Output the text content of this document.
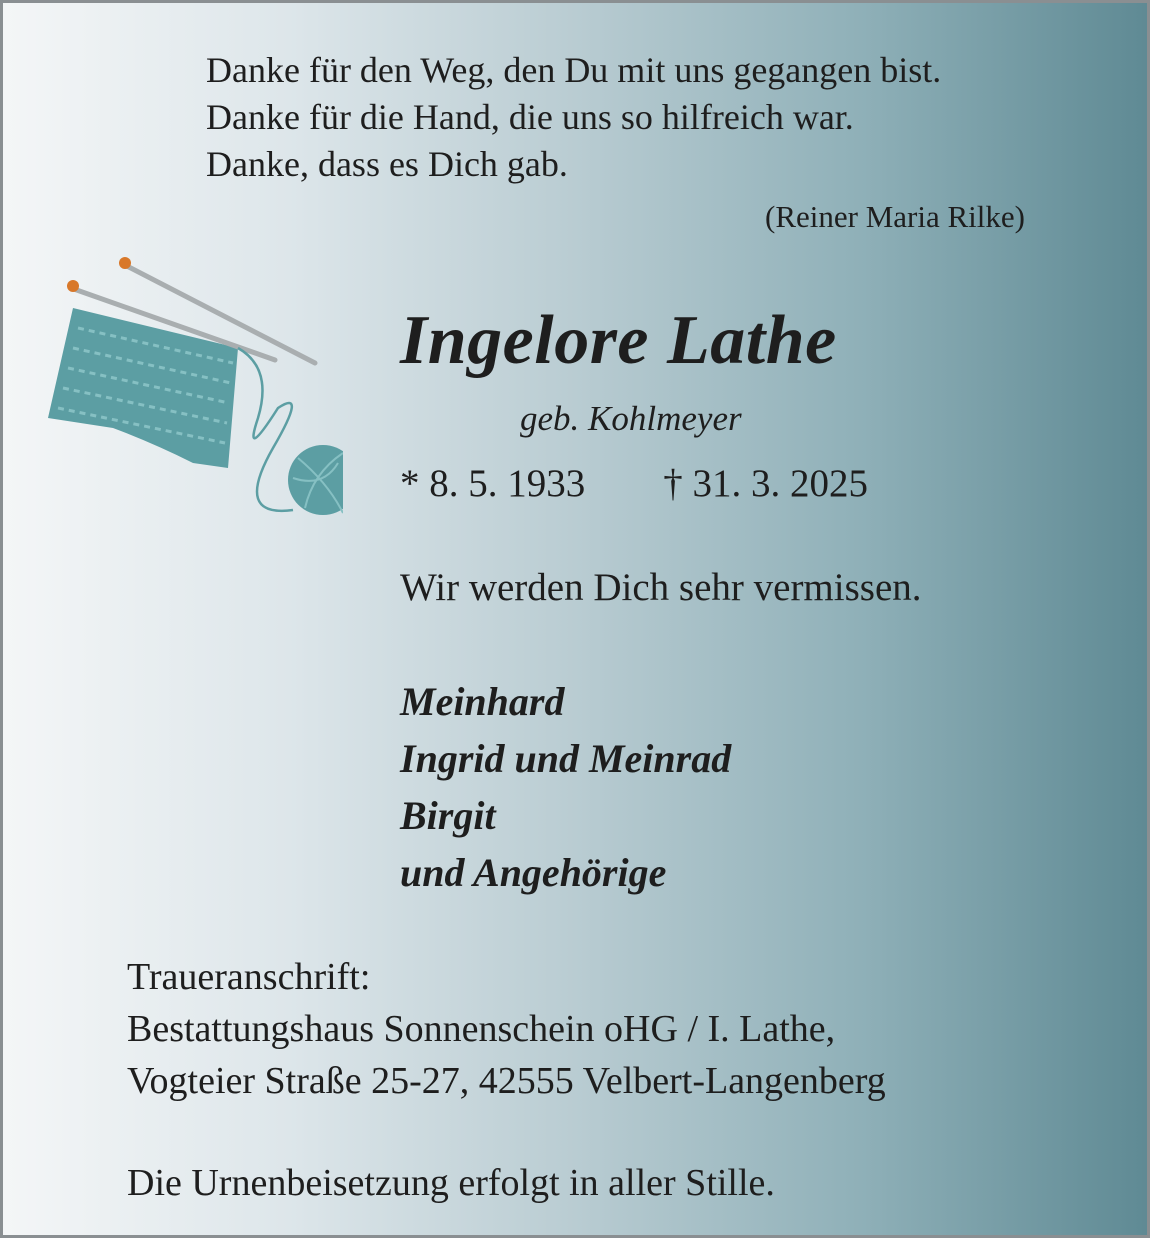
Danke für den Weg, den Du mit uns gegangen bist.
Danke für die Hand, die uns so hilfreich war.
Danke, dass es Dich gab.
(Reiner Maria Rilke)
Ingelore Lathe
geb. Kohlmeyer
* 8. 5. 1933 † 31. 3. 2025
Wir werden Dich sehr vermissen.
Meinhard
Ingrid und Meinrad
Birgit
und Angehörige
Traueranschrift:
Bestattungshaus Sonnenschein oHG / I. Lathe,
Vogteier Straße 25-27, 42555 Velbert-Langenberg
Die Urnenbeisetzung erfolgt in aller Stille.
